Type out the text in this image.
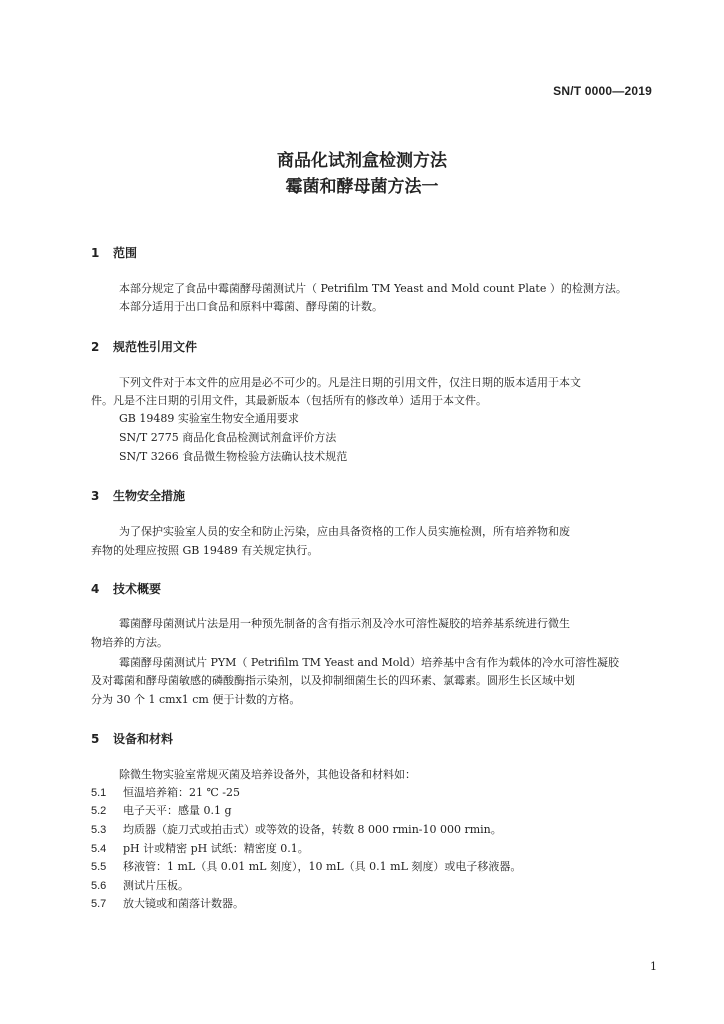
SN/T 0000—2019
商品化试剂盒检测方法
霉菌和酵母菌方法一
1 范围
本部分规定了食品中霉菌酵母菌测试片（ Petrifilm TM Yeast and Mold count Plate ）的检测方法。
本部分适用于出口食品和原料中霉菌、酵母菌的计数。
2 规范性引用文件
下列文件对于本文件的应用是必不可少的。凡是注日期的引用文件，仅注日期的版本适用于本文
件。凡是不注日期的引用文件，其最新版本（包括所有的修改单）适用于本文件。
GB 19489 实验室生物安全通用要求
SN/T 2775 商品化食品检测试剂盒评价方法
SN/T 3266 食品微生物检验方法确认技术规范
3 生物安全措施
为了保护实验室人员的安全和防止污染，应由具备资格的工作人员实施检测，所有培养物和废
弃物的处理应按照 GB 19489 有关规定执行。
4 技术概要
霉菌酵母菌测试片法是用一种预先制备的含有指示剂及冷水可溶性凝胶的培养基系统进行微生
物培养的方法。
霉菌酵母菌测试片 PYM（ Petrifilm TM Yeast and Mold）培养基中含有作为载体的冷水可溶性凝胶
及对霉菌和酵母菌敏感的磷酸酶指示染剂，以及抑制细菌生长的四环素、氯霉素。圆形生长区域中划
分为 30 个 1 cmx1 cm 便于计数的方格。
5 设备和材料
除微生物实验室常规灭菌及培养设备外，其他设备和材料如：
5.1 恒温培养箱：21 ℃ -25
5.2 电子天平：感量 0.1 g
5.3 均质器（旋刀式或拍击式）或等效的设备，转数 8 000 rmin-10 000 rmin。
5.4 pH 计或精密 pH 试纸：精密度 0.1。
5.5 移液管：1 mL（具 0.01 mL 刻度），10 mL（具 0.1 mL 刻度）或电子移液器。
5.6 测试片压板。
5.7 放大镜或和菌落计数器。
1
